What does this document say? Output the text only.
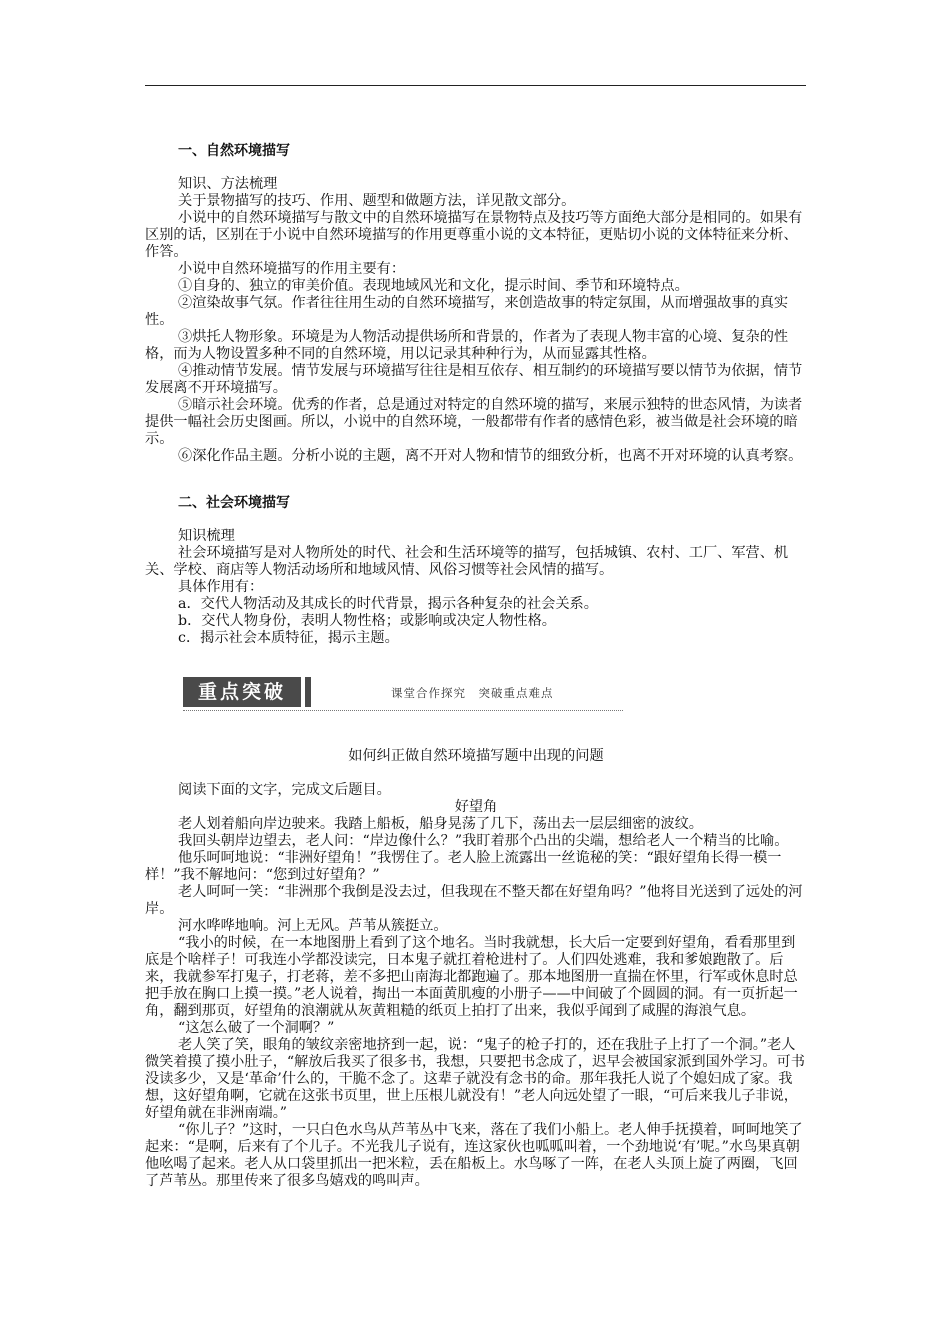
一、自然环境描写

知识、方法梳理

关于景物描写的技巧、作用、题型和做题方法，详见散文部分。

小说中的自然环境描写与散文中的自然环境描写在景物特点及技巧等方面绝大部分是相同的。如果有区别的话，区别在于小说中自然环境描写的作用更尊重小说的文本特征，更贴切小说的文体特征来分析、作答。

小说中自然环境描写的作用主要有：

①自身的、独立的审美价值。表现地域风光和文化，提示时间、季节和环境特点。

②渲染故事气氛。作者往往用生动的自然环境描写，来创造故事的特定氛围，从而增强故事的真实性。

③烘托人物形象。环境是为人物活动提供场所和背景的，作者为了表现人物丰富的心境、复杂的性格，而为人物设置多种不同的自然环境，用以记录其种种行为，从而显露其性格。

④推动情节发展。情节发展与环境描写往往是相互依存、相互制约的环境描写要以情节为依据，情节发展离不开环境描写。

⑤暗示社会环境。优秀的作者，总是通过对特定的自然环境的描写，来展示独特的世态风情，为读者提供一幅社会历史图画。所以，小说中的自然环境，一般都带有作者的感情色彩，被当做是社会环境的暗示。

⑥深化作品主题。分析小说的主题，离不开对人物和情节的细致分析，也离不开对环境的认真考察。

二、社会环境描写

知识梳理

社会环境描写是对人物所处的时代、社会和生活环境等的描写，包括城镇、农村、工厂、军营、机关、学校、商店等人物活动场所和地域风情、风俗习惯等社会风情的描写。

具体作用有：

a．交代人物活动及其成长的时代背景，揭示各种复杂的社会关系。

b．交代人物身份，表明人物性格；或影响或决定人物性格。

c．揭示社会本质特征，揭示主题。

重点突破	课堂合作探究　突破重点难点
如何纠正做自然环境描写题中出现的问题

阅读下面的文字，完成文后题目。

好望角

老人划着船向岸边驶来。我踏上船板，船身晃荡了几下，荡出去一层层细密的波纹。

我回头朝岸边望去，老人问：“岸边像什么？”我盯着那个凸出的尖端，想给老人一个精当的比喻。

他乐呵呵地说：“非洲好望角！”我愣住了。老人脸上流露出一丝诡秘的笑：“跟好望角长得一模一样！”我不解地问：“您到过好望角？”

老人呵呵一笑：“非洲那个我倒是没去过，但我现在不整天都在好望角吗？”他将目光送到了远处的河岸。

河水哗哗地响。河上无风。芦苇从簇挺立。

“我小的时候，在一本地图册上看到了这个地名。当时我就想，长大后一定要到好望角，看看那里到底是个啥样子！可我连小学都没读完，日本鬼子就扛着枪进村了。人们四处逃难，我和爹娘跑散了。后来，我就参军打鬼子，打老蒋，差不多把山南海北都跑遍了。那本地图册一直揣在怀里，行军或休息时总把手放在胸口上摸一摸。”老人说着，掏出一本面黄肌瘦的小册子——中间破了个圆圆的洞。有一页折起一角，翻到那页，好望角的浪潮就从灰黄粗糙的纸页上拍打了出来，我似乎闻到了咸腥的海浪气息。

“这怎么破了一个洞啊？”

老人笑了笑，眼角的皱纹亲密地挤到一起，说：“鬼子的枪子打的，还在我肚子上打了一个洞。”老人微笑着摸了摸小肚子，“解放后我买了很多书，我想，只要把书念成了，迟早会被国家派到国外学习。可书没读多少，又是‘革命’什么的，干脆不念了。这辈子就没有念书的命。那年我托人说了个媳妇成了家。我想，这好望角啊，它就在这张书页里，世上压根儿就没有！”老人向远处望了一眼，“可后来我儿子非说，好望角就在非洲南端。”

“你儿子？”这时，一只白色水鸟从芦苇丛中飞来，落在了我们小船上。老人伸手抚摸着，呵呵地笑了起来：“是啊，后来有了个儿子。不光我儿子说有，连这家伙也呱呱叫着，一个劲地说‘有’呢。”水鸟果真朝他吆喝了起来。老人从口袋里抓出一把米粒，丢在船板上。水鸟啄了一阵，在老人头顶上旋了两圈，飞回了芦苇丛。那里传来了很多鸟嬉戏的鸣叫声。
